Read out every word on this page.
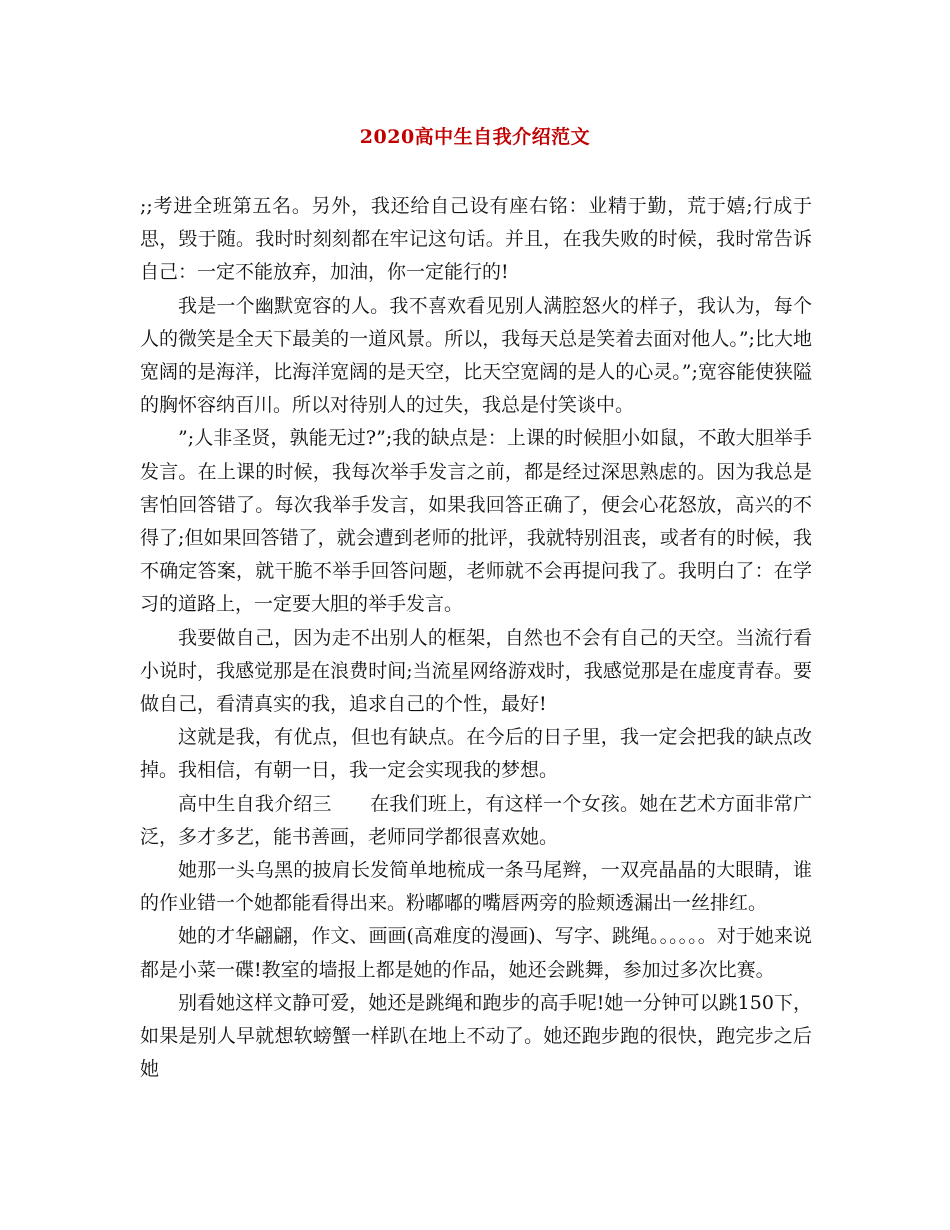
2020高中生自我介绍范文

;;考进全班第五名。另外，我还给自己设有座右铭：业精于勤，荒于嬉;行成于思，毁于随。我时时刻刻都在牢记这句话。并且，在我失败的时候，我时常告诉自己：一定不能放弃，加油，你一定能行的!

我是一个幽默宽容的人。我不喜欢看见别人满腔怒火的样子，我认为，每个人的微笑是全天下最美的一道风景。所以，我每天总是笑着去面对他人。”;比大地宽阔的是海洋，比海洋宽阔的是天空，比天空宽阔的是人的心灵。”;宽容能使狭隘的胸怀容纳百川。所以对待别人的过失，我总是付笑谈中。

”;人非圣贤，孰能无过?”;我的缺点是：上课的时候胆小如鼠，不敢大胆举手发言。在上课的时候，我每次举手发言之前，都是经过深思熟虑的。因为我总是害怕回答错了。每次我举手发言，如果我回答正确了，便会心花怒放，高兴的不得了;但如果回答错了，就会遭到老师的批评，我就特别沮丧，或者有的时候，我不确定答案，就干脆不举手回答问题，老师就不会再提问我了。我明白了：在学习的道路上，一定要大胆的举手发言。

我要做自己，因为走不出别人的框架，自然也不会有自己的天空。当流行看小说时，我感觉那是在浪费时间;当流星网络游戏时，我感觉那是在虚度青春。要做自己，看清真实的我，追求自己的个性，最好!

这就是我，有优点，但也有缺点。在今后的日子里，我一定会把我的缺点改掉。我相信，有朝一日，我一定会实现我的梦想。

高中生自我介绍三　　在我们班上，有这样一个女孩。她在艺术方面非常广泛，多才多艺，能书善画，老师同学都很喜欢她。

她那一头乌黑的披肩长发简单地梳成一条马尾辫，一双亮晶晶的大眼睛，谁的作业错一个她都能看得出来。粉嘟嘟的嘴唇两旁的脸颊透漏出一丝排红。

她的才华翩翩，作文、画画(高难度的漫画)、写字、跳绳。。。。。。对于她来说都是小菜一碟!教室的墙报上都是她的作品，她还会跳舞，参加过多次比赛。

别看她这样文静可爱，她还是跳绳和跑步的高手呢!她一分钟可以跳150下，如果是别人早就想软螃蟹一样趴在地上不动了。她还跑步跑的很快，跑完步之后她
